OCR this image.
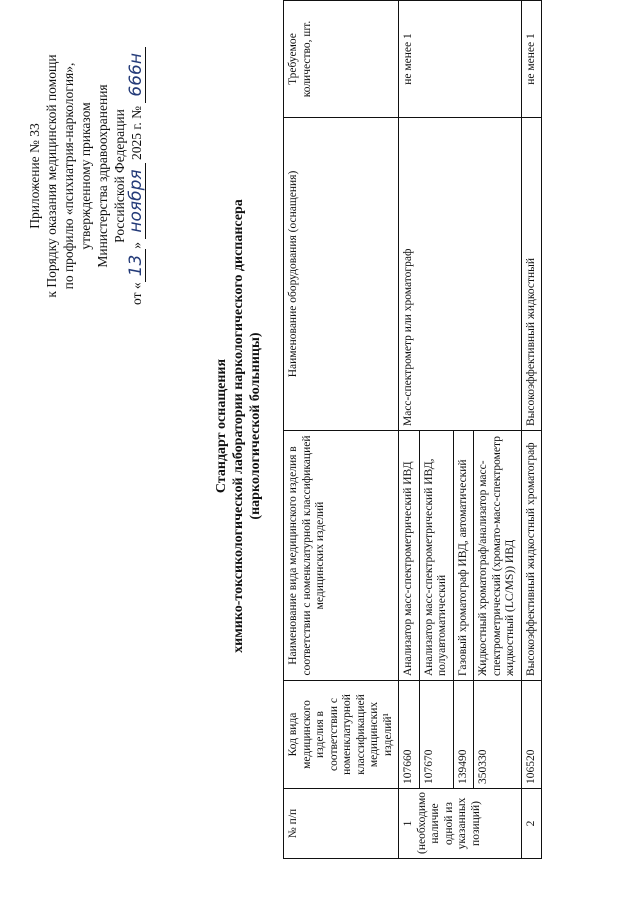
Приложение № 33 к Порядку оказания медицинской помощи по профилю «психиатрия-наркология», утвержденному приказом Министерства здравоохранения Российской Федерации
от «13» ноября 2025 г. № 666н
Стандарт оснащения химико-токсикологической лаборатории наркологического диспансера (наркологической больницы)
№ п/п	Код вида медицинского изделия в соответствии с номенклатурной классификацией медицинских изделий¹	Наименование вида медицинского изделия в соответствии с номенклатурной классификацией медицинских изделий	Наименование оборудования (оснащения)	Требуемое количество, шт.

1 (необходимо наличие одной из указанных позиций)	107660	Анализатор масс-спектрометрический ИВД	Масс-спектрометр или хроматограф	не менее 1
	107670	Анализатор масс-спектрометрический ИВД, полуавтоматический		
	139490	Газовый хроматограф ИВД, автоматический		
	350330	Жидкостный хроматограф/анализатор масс-спектрометрический (хромато-масс-спектрометр жидкостный (LC/MS)) ИВД		
2	106520	Высокоэффективный жидкостный хроматограф	Высокоэффективный жидкостный	не менее 1
